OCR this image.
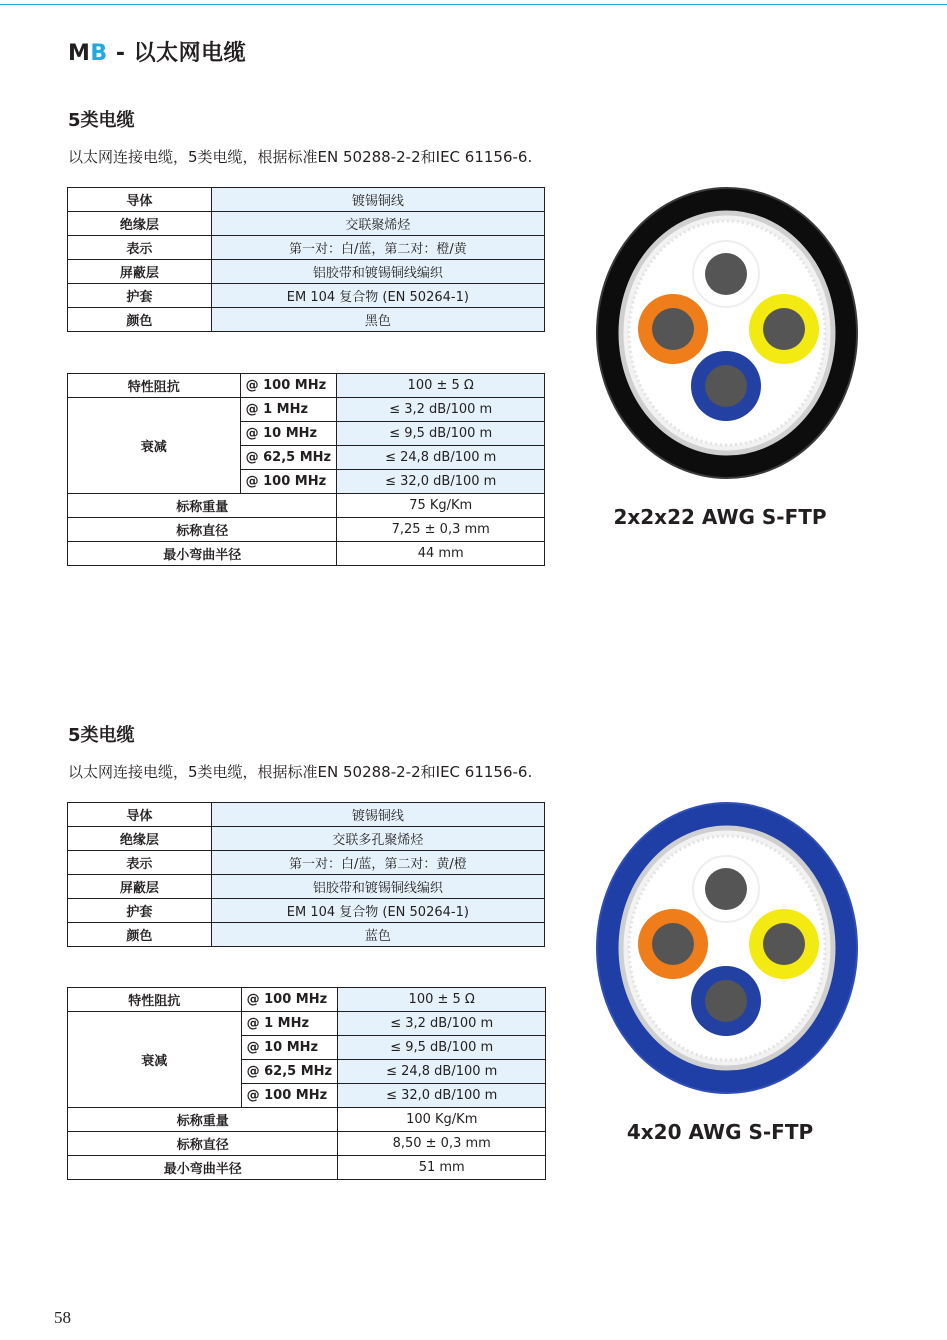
MB - 以太网电缆
5类电缆
以太网连接电缆，5类电缆，根据标准EN 50288-2-2和IEC 61156-6.
导体	镀锡铜线
绝缘层	交联聚烯烃
表示	第一对：白/蓝，第二对：橙/黄
屏蔽层	铝胶带和镀锡铜线编织
护套	EM 104 复合物 (EN 50264-1)
颜色	黑色
特性阻抗	@ 100 MHz	100 ± 5 Ω
衰减	@ 1 MHz	≤ 3,2 dB/100 m
	@ 10 MHz	≤ 9,5 dB/100 m
	@ 62,5 MHz	≤ 24,8 dB/100 m
	@ 100 MHz	≤ 32,0 dB/100 m
标称重量		75 Kg/Km
标称直径		7,25 ± 0,3 mm
最小弯曲半径		44 mm
2x2x22 AWG S-FTP
5类电缆
以太网连接电缆，5类电缆，根据标准EN 50288-2-2和IEC 61156-6.
导体	镀锡铜线
绝缘层	交联多孔聚烯烃
表示	第一对：白/蓝，第二对：黄/橙
屏蔽层	铝胶带和镀锡铜线编织
护套	EM 104 复合物 (EN 50264-1)
颜色	蓝色
特性阻抗	@ 100 MHz	100 ± 5 Ω
衰减	@ 1 MHz	≤ 3,2 dB/100 m
	@ 10 MHz	≤ 9,5 dB/100 m
	@ 62,5 MHz	≤ 24,8 dB/100 m
	@ 100 MHz	≤ 32,0 dB/100 m
标称重量		100 Kg/Km
标称直径		8,50 ± 0,3 mm
最小弯曲半径		51 mm
4x20 AWG S-FTP
58
